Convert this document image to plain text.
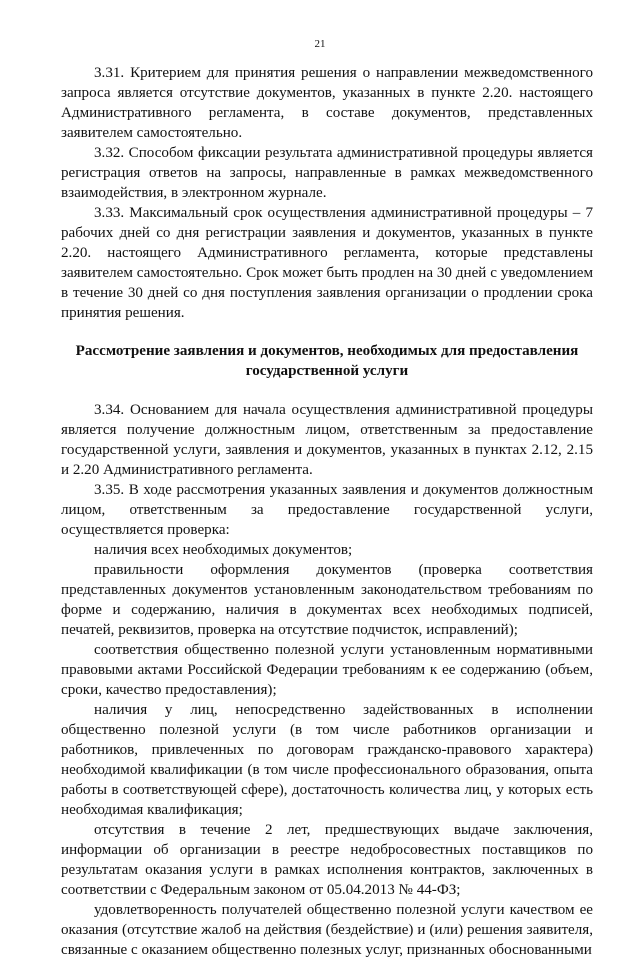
21

3.31. Критерием для принятия решения о направлении межведомственного запроса является отсутствие документов, указанных в пункте 2.20. настоящего Административного регламента, в составе документов, представленных заявителем самостоятельно.

3.32. Способом фиксации результата административной процедуры является регистрация ответов на запросы, направленные в рамках межведомственного взаимодействия, в электронном журнале.

3.33. Максимальный срок осуществления административной процедуры – 7 рабочих дней со дня регистрации заявления и документов, указанных в пункте 2.20. настоящего Административного регламента, которые представлены заявителем самостоятельно. Срок может быть продлен на 30 дней с уведомлением в течение 30 дней со дня поступления заявления организации о продлении срока принятия решения.

Рассмотрение заявления и документов, необходимых для предоставления государственной услуги

3.34. Основанием для начала осуществления административной процедуры является получение должностным лицом, ответственным за предоставление государственной услуги, заявления и документов, указанных в пунктах 2.12, 2.15 и 2.20 Административного регламента.

3.35. В ходе рассмотрения указанных заявления и документов должностным лицом, ответственным за предоставление государственной услуги, осуществляется проверка:

наличия всех необходимых документов;

правильности оформления документов (проверка соответствия представленных документов установленным законодательством требованиям по форме и содержанию, наличия в документах всех необходимых подписей, печатей, реквизитов, проверка на отсутствие подчисток, исправлений);

соответствия общественно полезной услуги установленным нормативными правовыми актами Российской Федерации требованиям к ее содержанию (объем, сроки, качество предоставления);

наличия у лиц, непосредственно задействованных в исполнении общественно полезной услуги (в том числе работников организации и работников, привлеченных по договорам гражданско-правового характера) необходимой квалификации (в том числе профессионального образования, опыта работы в соответствующей сфере), достаточность количества лиц, у которых есть необходимая квалификация;

отсутствия в течение 2 лет, предшествующих выдаче заключения, информации об организации в реестре недобросовестных поставщиков по результатам оказания услуги в рамках исполнения контрактов, заключенных в соответствии с Федеральным законом от 05.04.2013 № 44-ФЗ;

удовлетворенность получателей общественно полезной услуги качеством ее оказания (отсутствие жалоб на действия (бездействие) и (или) решения заявителя, связанные с оказанием общественно полезных услуг, признанных обоснованными
